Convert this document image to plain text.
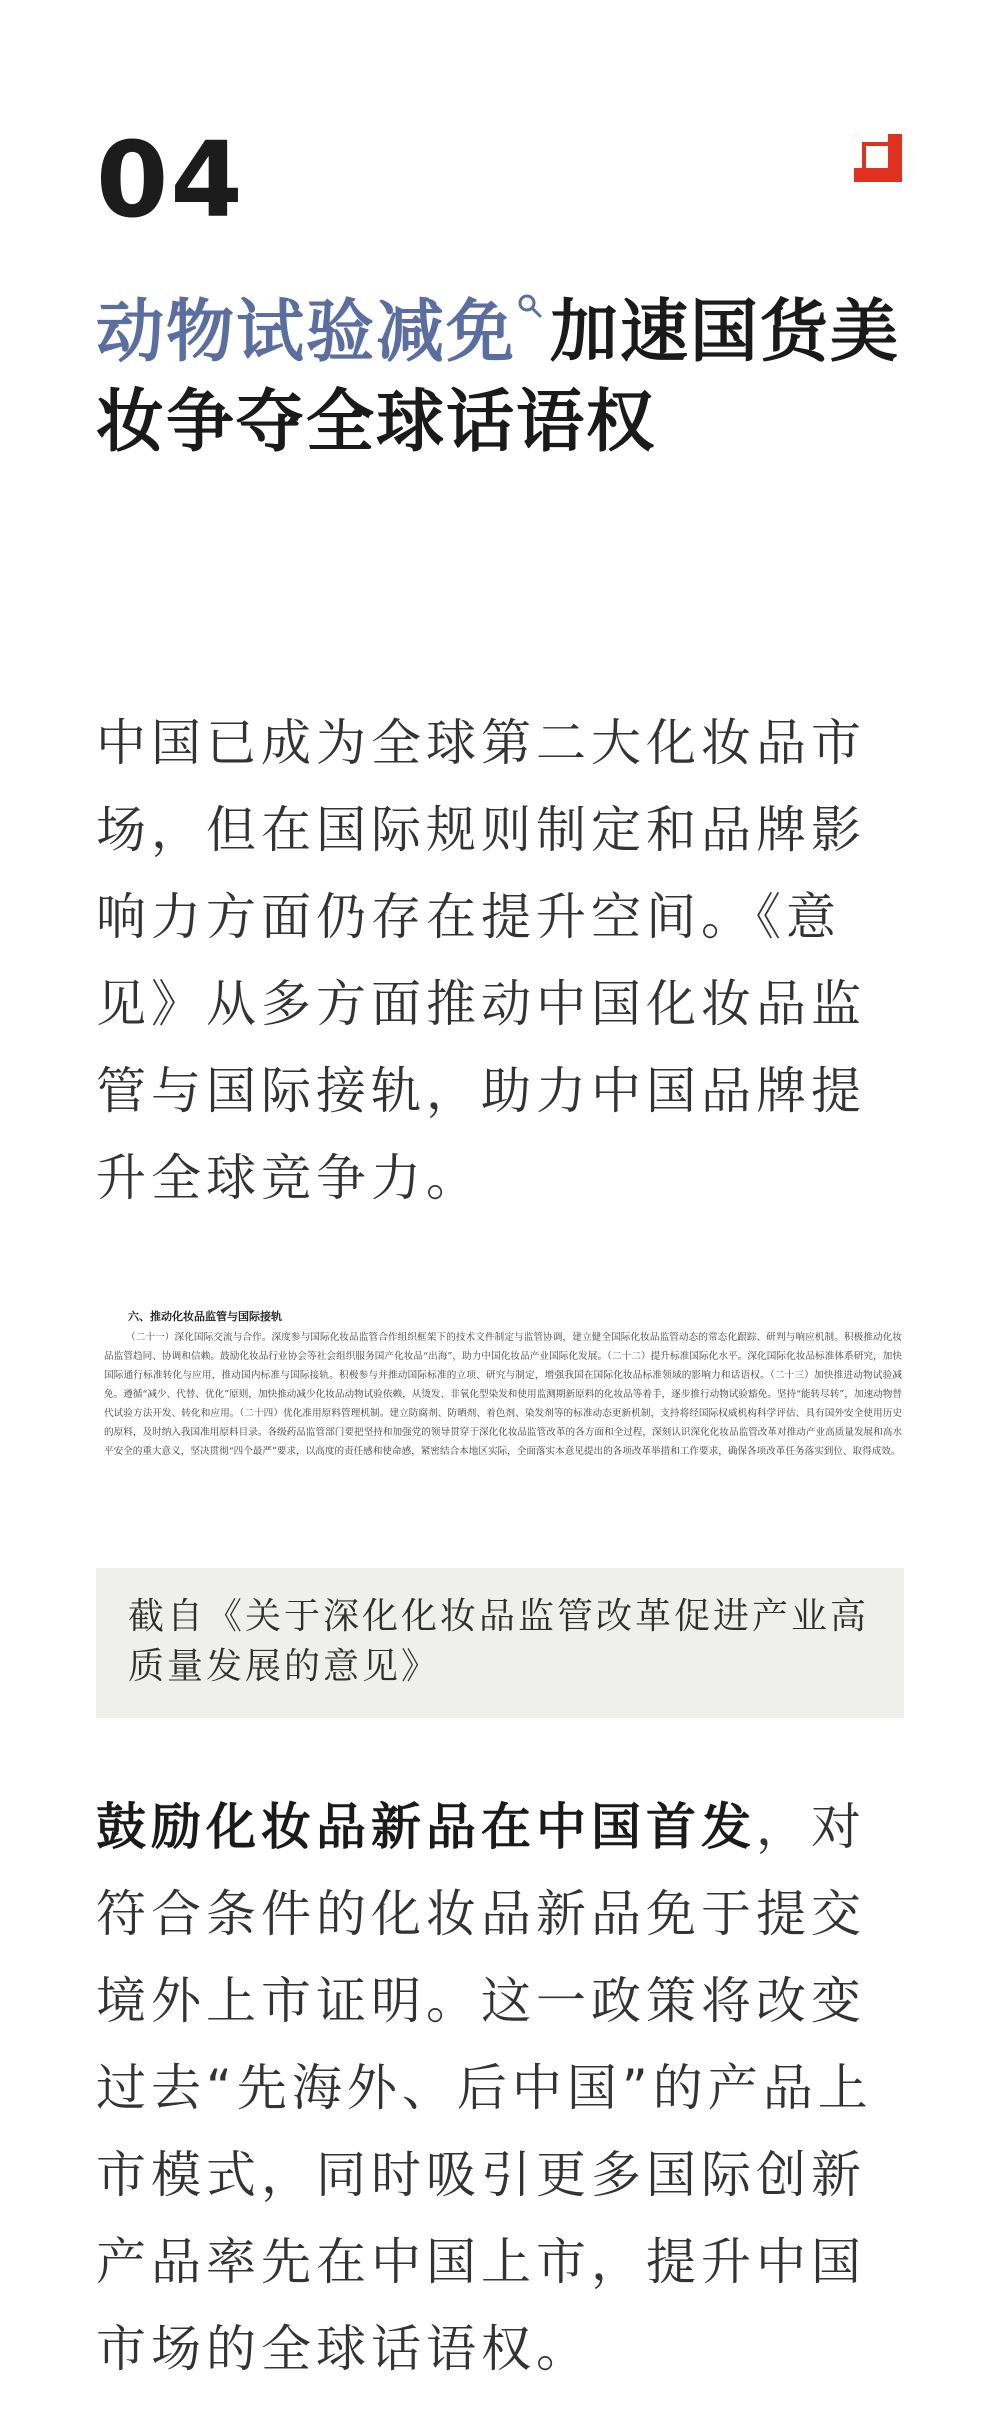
04
动物试验减免 加速国货美妆争夺全球话语权
中国已成为全球第二大化妆品市场，但在国际规则制定和品牌影响力方面仍存在提升空间。《意见》从多方面推动中国化妆品监管与国际接轨，助力中国品牌提升全球竞争力。
六、推动化妆品监管与国际接轨
（二十一）深化国际交流与合作。深度参与国际化妆品监管合作组织框架下的技术文件制定与监管协调，建立健全国际化妆品监管动态的常态化跟踪、研判与响应机制。积极推动化妆品监管趋同、协调和信赖。鼓励化妆品行业协会等社会组织服务国产化妆品“出海”，助力中国化妆品产业国际化发展。（二十二）提升标准国际化水平。深化国际化妆品标准体系研究，加快国际通行标准转化与应用，推动国内标准与国际接轨。积极参与并推动国际标准的立项、研究与制定，增强我国在国际化妆品标准领域的影响力和话语权。（二十三）加快推进动物试验减免。遵循“减少、代替、优化”原则，加快推动减少化妆品动物试验依赖，从烫发、非氧化型染发和使用监测期新原料的化妆品等着手，逐步推行动物试验豁免。坚持“能转尽转”，加速动物替代试验方法开发、转化和应用。（二十四）优化准用原料管理机制。建立防腐剂、防晒剂、着色剂、染发剂等的标准动态更新机制，支持将经国际权威机构科学评估、具有国外安全使用历史的原料，及时纳入我国准用原料目录。各级药品监管部门要把坚持和加强党的领导贯穿于深化化妆品监管改革的各方面和全过程，深刻认识深化化妆品监管改革对推动产业高质量发展和高水平安全的重大意义，坚决贯彻“四个最严”要求，以高度的责任感和使命感，紧密结合本地区实际，全面落实本意见提出的各项改革举措和工作要求，确保各项改革任务落实到位、取得成效。
截自《关于深化化妆品监管改革促进产业高质量发展的意见》
鼓励化妆品新品在中国首发，对符合条件的化妆品新品免于提交境外上市证明。这一政策将改变过去“先海外、后中国”的产品上市模式，同时吸引更多国际创新产品率先在中国上市，提升中国市场的全球话语权。
